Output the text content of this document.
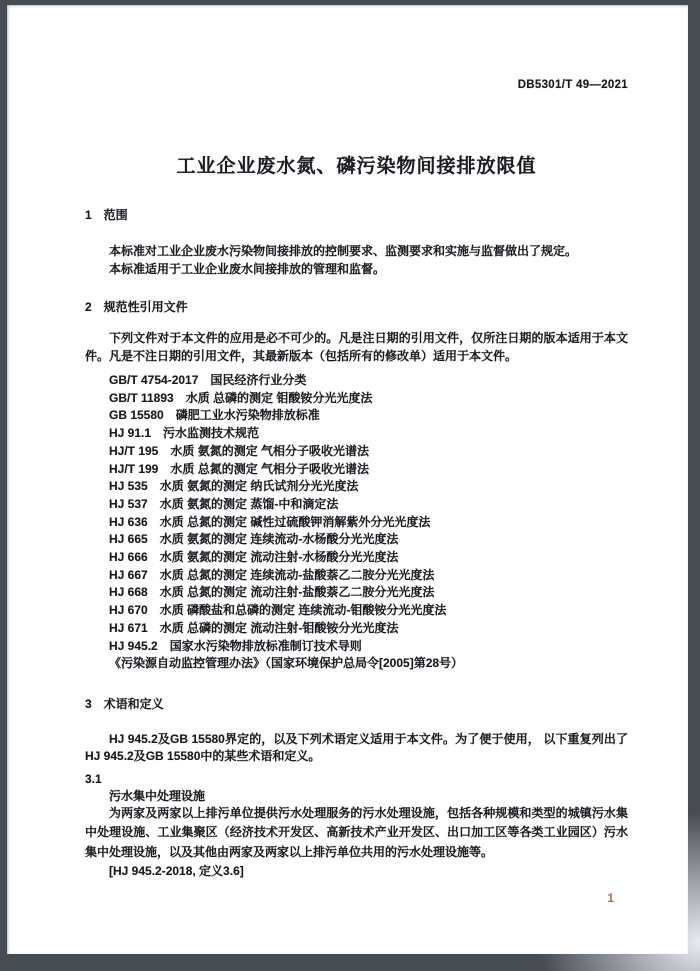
DB5301/T 49—2021
工业企业废水氮、磷污染物间接排放限值
1　范围

本标准对工业企业废水污染物间接排放的控制要求、监测要求和实施与监督做出了规定。

本标准适用于工业企业废水间接排放的管理和监督。

2　规范性引用文件

下列文件对于本文件的应用是必不可少的。凡是注日期的引用文件，仅所注日期的版本适用于本文件。凡是不注日期的引用文件，其最新版本（包括所有的修改单）适用于本文件。

GB/T 4754-2017　国民经济行业分类
GB/T 11893　水质 总磷的测定 钼酸铵分光光度法
GB 15580　磷肥工业水污染物排放标准
HJ 91.1　污水监测技术规范
HJ/T 195　水质 氨氮的测定 气相分子吸收光谱法
HJ/T 199　水质 总氮的测定 气相分子吸收光谱法
HJ 535　水质 氨氮的测定 纳氏试剂分光光度法
HJ 537　水质 氨氮的测定 蒸馏-中和滴定法
HJ 636　水质 总氮的测定 碱性过硫酸钾消解紫外分光光度法
HJ 665　水质 氨氮的测定 连续流动-水杨酸分光光度法
HJ 666　水质 氨氮的测定 流动注射-水杨酸分光光度法
HJ 667　水质 总氮的测定 连续流动-盐酸萘乙二胺分光光度法
HJ 668　水质 总氮的测定 流动注射-盐酸萘乙二胺分光光度法
HJ 670　水质 磷酸盐和总磷的测定 连续流动-钼酸铵分光光度法
HJ 671　水质 总磷的测定 流动注射-钼酸铵分光光度法
HJ 945.2　国家水污染物排放标准制订技术导则
《污染源自动监控管理办法》（国家环境保护总局令[2005]第28号）
3　术语和定义

HJ 945.2及GB 15580界定的，以及下列术语定义适用于本文件。为了便于使用， 以下重复列出了HJ 945.2及GB 15580中的某些术语和定义。

3.1
污水集中处理设施

为两家及两家以上排污单位提供污水处理服务的污水处理设施，包括各种规模和类型的城镇污水集中处理设施、工业集聚区（经济技术开发区、高新技术产业开发区、出口加工区等各类工业园区）污水集中处理设施，以及其他由两家及两家以上排污单位共用的污水处理设施等。

[HJ 945.2-2018, 定义3.6]
1
